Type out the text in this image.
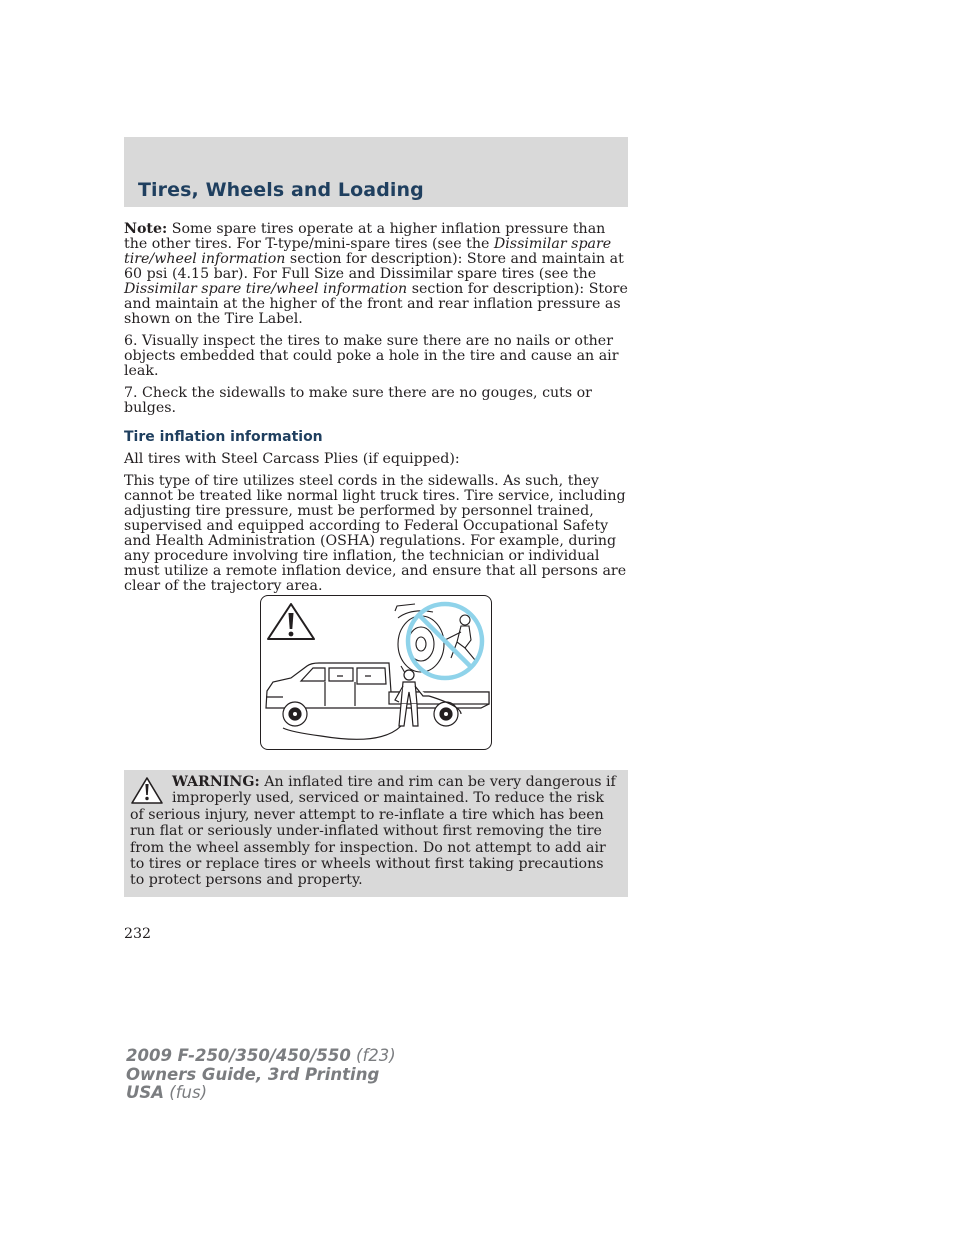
Tires, Wheels and Loading

Note: Some spare tires operate at a higher inflation pressure than the other tires. For T-type/mini-spare tires (see the Dissimilar spare tire/wheel information section for description): Store and maintain at 60 psi (4.15 bar). For Full Size and Dissimilar spare tires (see the Dissimilar spare tire/wheel information section for description): Store and maintain at the higher of the front and rear inflation pressure as shown on the Tire Label.

6. Visually inspect the tires to make sure there are no nails or other objects embedded that could poke a hole in the tire and cause an air leak.

7. Check the sidewalls to make sure there are no gouges, cuts or bulges.

Tire inflation information

All tires with Steel Carcass Plies (if equipped):

This type of tire utilizes steel cords in the sidewalls. As such, they cannot be treated like normal light truck tires. Tire service, including adjusting tire pressure, must be performed by personnel trained, supervised and equipped according to Federal Occupational Safety and Health Administration (OSHA) regulations. For example, during any procedure involving tire inflation, the technician or individual must utilize a remote inflation device, and ensure that all persons are clear of the trajectory area.

WARNING: An inflated tire and rim can be very dangerous if improperly used, serviced or maintained. To reduce the risk of serious injury, never attempt to re-inflate a tire which has been run flat or seriously under-inflated without first removing the tire from the wheel assembly for inspection. Do not attempt to add air to tires or replace tires or wheels without first taking precautions to protect persons and property.
232
2009 F-250/350/450/550 (f23)
Owners Guide, 3rd Printing
USA (fus)
